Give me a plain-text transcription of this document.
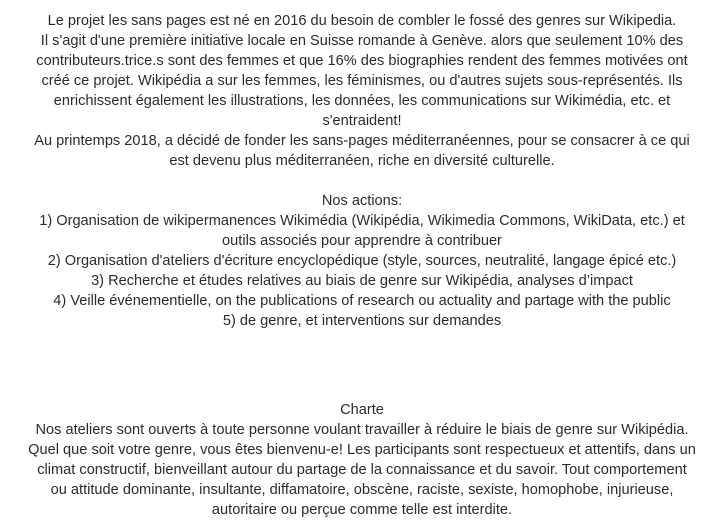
Le projet les sans pages est né en 2016 du besoin de combler le fossé des genres sur Wikipedia.
Il s'agit d'une première initiative locale en Suisse romande à Genève. alors que seulement 10% des
contributeurs.trice.s sont des femmes et que 16% des biographies rendent des femmes motivées ont
créé ce projet. Wikipédia a sur les femmes, les féminismes, ou d'autres sujets sous-représentés. Ils
enrichissent également les illustrations, les données, les communications sur Wikimédia, etc. et
s'entraident!
Au printemps 2018, a décidé de fonder les sans-pages méditerranéennes, pour se consacrer à ce qui
est devenu plus méditerranéen, riche en diversité culturelle.
Nos actions:
1) Organisation de wikipermanences Wikimédia (Wikipédia, Wikimedia Commons, WikiData, etc.) et
outils associés pour apprendre à contribuer
2) Organisation d'ateliers d'écriture encyclopédique (style, sources, neutralité, langage épicé etc.)
3) Recherche et études relatives au biais de genre sur Wikipédia, analyses d’impact
4) Veille événementielle, on the publications of research ou actuality and partage with the public
5) de genre, et interventions sur demandes
Charte
Nos ateliers sont ouverts à toute personne voulant travailler à réduire le biais de genre sur Wikipédia.
Quel que soit votre genre, vous êtes bienvenu-e! Les participants sont respectueux et attentifs, dans un
climat constructif, bienveillant autour du partage de la connaissance et du savoir. Tout comportement
ou attitude dominante, insultante, diffamatoire, obscène, raciste, sexiste, homophobe, injurieuse,
autoritaire ou perçue comme telle est interdite.
